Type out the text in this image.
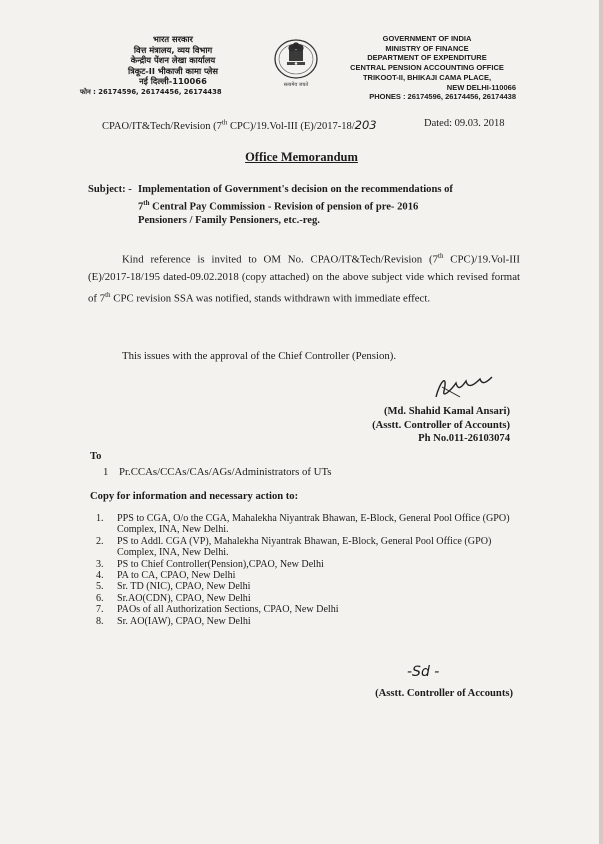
भारत सरकार
वित्त मंत्रालय, व्यय विभाग
केन्द्रीय पेंशन लेखा कार्यालय
त्रिकूट-II भीकाजी कामा प्लेस
नई दिल्ली-110066
फोन : 26174596, 26174456, 26174438
सत्यमेव जयते
GOVERNMENT OF INDIA
MINISTRY OF FINANCE
DEPARTMENT OF EXPENDITURE
CENTRAL PENSION ACCOUNTING OFFICE
TRIKOOT-II, BHIKAJI CAMA PLACE,
NEW DELHI-110066
PHONES : 26174596, 26174456, 26174438
CPAO/IT&Tech/Revision (7th CPC)/19.Vol-III (E)/2017-18/203	Dated: 09.03. 2018
Office Memorandum
Subject: - Implementation of Government's decision on the recommendations of
7th Central Pay Commission - Revision of pension of pre- 2016
Pensioners / Family Pensioners, etc.-reg.
Kind reference is invited to OM No. CPAO/IT&Tech/Revision (7th CPC)/19.Vol-III (E)/2017-18/195 dated-09.02.2018 (copy attached) on the above subject vide which revised format of 7th CPC revision SSA was notified, stands withdrawn with immediate effect.
This issues with the approval of the Chief Controller (Pension).
(Md. Shahid Kamal Ansari)
(Asstt. Controller of Accounts)
Ph No.011-26103074
To
1 Pr.CCAs/CCAs/CAs/AGs/Administrators of UTs
Copy for information and necessary action to:
1.	PPS to CGA, O/o the CGA, Mahalekha Niyantrak Bhawan, E-Block, General Pool Office (GPO) Complex, INA, New Delhi.
2.	PS to Addl. CGA (VP), Mahalekha Niyantrak Bhawan, E-Block, General Pool Office (GPO) Complex, INA, New Delhi.
3.	PS to Chief Controller(Pension),CPAO, New Delhi
4.	PA to CA, CPAO, New Delhi
5.	Sr. TD (NIC), CPAO, New Delhi
6.	Sr.AO(CDN), CPAO, New Delhi
7.	PAOs of all Authorization Sections, CPAO, New Delhi
8.	Sr. AO(IAW), CPAO, New Delhi
-Sd -
(Asstt. Controller of Accounts)
